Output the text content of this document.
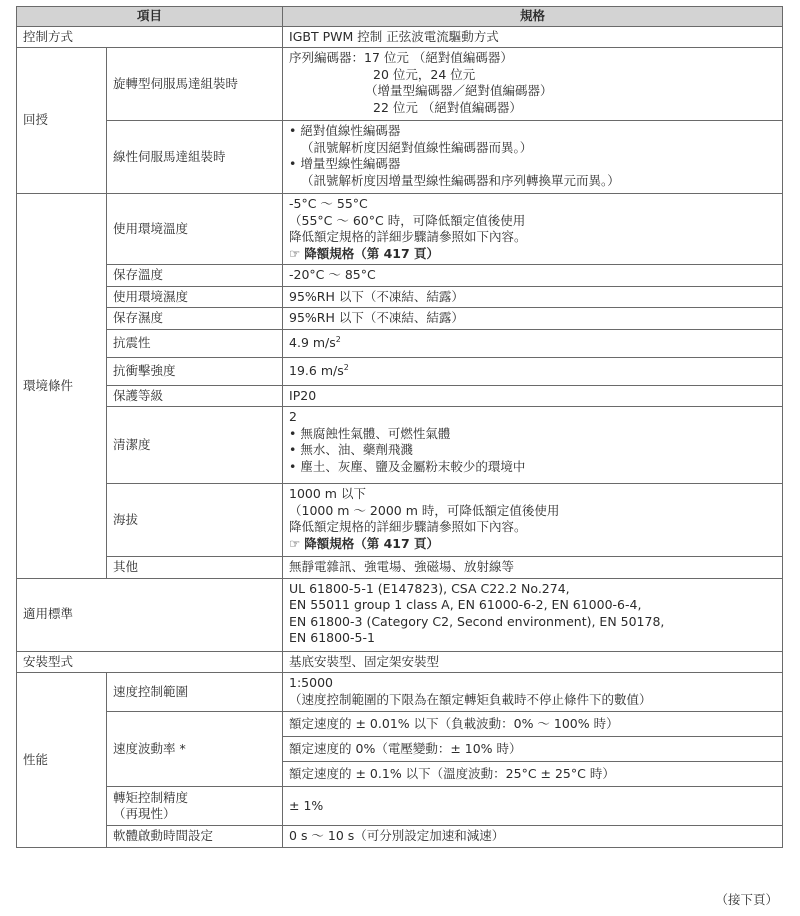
項目		規格
控制方式		IGBT PWM 控制 正弦波電流驅動方式
回授	旋轉型伺服馬達組裝時	序列編碼器：17 位元 （絕對值編碼器）
20 位元，24 位元
（增量型編碼器／絕對值編碼器）
22 位元 （絕對值編碼器）

	線性伺服馬達組裝時	• 絕對值線性編碼器
（訊號解析度因絕對值線性編碼器而異。）
• 增量型線性編碼器
（訊號解析度因增量型線性編碼器和序列轉換單元而異。）

環境條件	使用環境溫度	-5°C ～ 55°C
（55°C ～ 60°C 時，可降低額定值後使用
降低額定規格的詳細步驟請參照如下內容。
☞ 降額規格（第 417 頁）

	保存溫度	-20°C ～ 85°C
	使用環境濕度	95%RH 以下（不凍結、結露）
	保存濕度	95%RH 以下（不凍結、結露）
	抗震性	4.9 $m/s^2$
	抗衝擊強度	19.6 $m/s^2$
	保護等級	IP20
	清潔度	2
• 無腐蝕性氣體、可燃性氣體
• 無水、油、藥劑飛濺
• 塵土、灰塵、鹽及金屬粉末較少的環境中

	海拔	1000 m 以下
（1000 m ～ 2000 m 時，可降低額定值後使用
降低額定規格的詳細步驟請參照如下內容。
☞ 降額規格（第 417 頁）

	其他	無靜電雜訊、強電場、強磁場、放射線等
適用標準		UL 61800-5-1 (E147823), CSA C22.2 No.274,
EN 55011 group 1 class A, EN 61000-6-2, EN 61000-6-4,
EN 61800-3 (Category C2, Second environment), EN 50178,
EN 61800-5-1

安裝型式		基底安裝型、固定架安裝型
性能	速度控制範圍	1:5000
（速度控制範圍的下限為在額定轉矩負載時不停止條件下的數值）

	速度波動率 *	額定速度的 ± 0.01% 以下（負載波動：0% ～ 100% 時）
		額定速度的 0%（電壓變動：± 10% 時）
		額定速度的 ± 0.1% 以下（溫度波動：25°C ± 25°C 時）

	轉矩控制精度
（再現性）	± 1%
	軟體啟動時間設定	0 s ～ 10 s（可分別設定加速和減速）
（接下頁）
